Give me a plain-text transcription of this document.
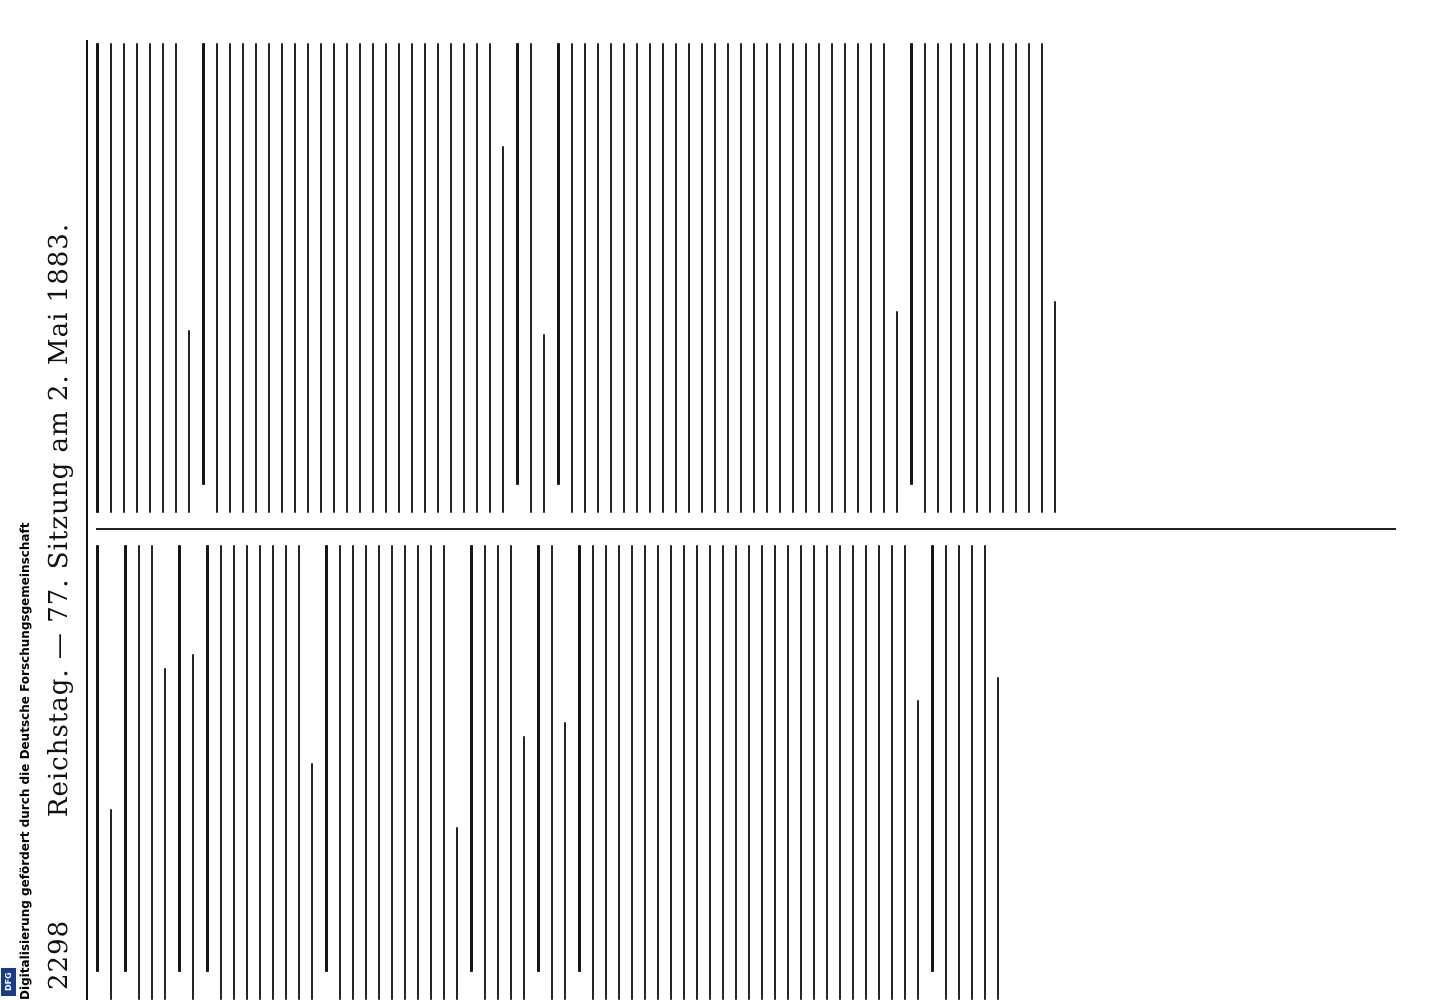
2298
Reichstag. — 77. Sitzung am 2. Mai 1883.
Digitalisierung gefördert durch die Deutsche Forschungsgemeinschaft
DFG
